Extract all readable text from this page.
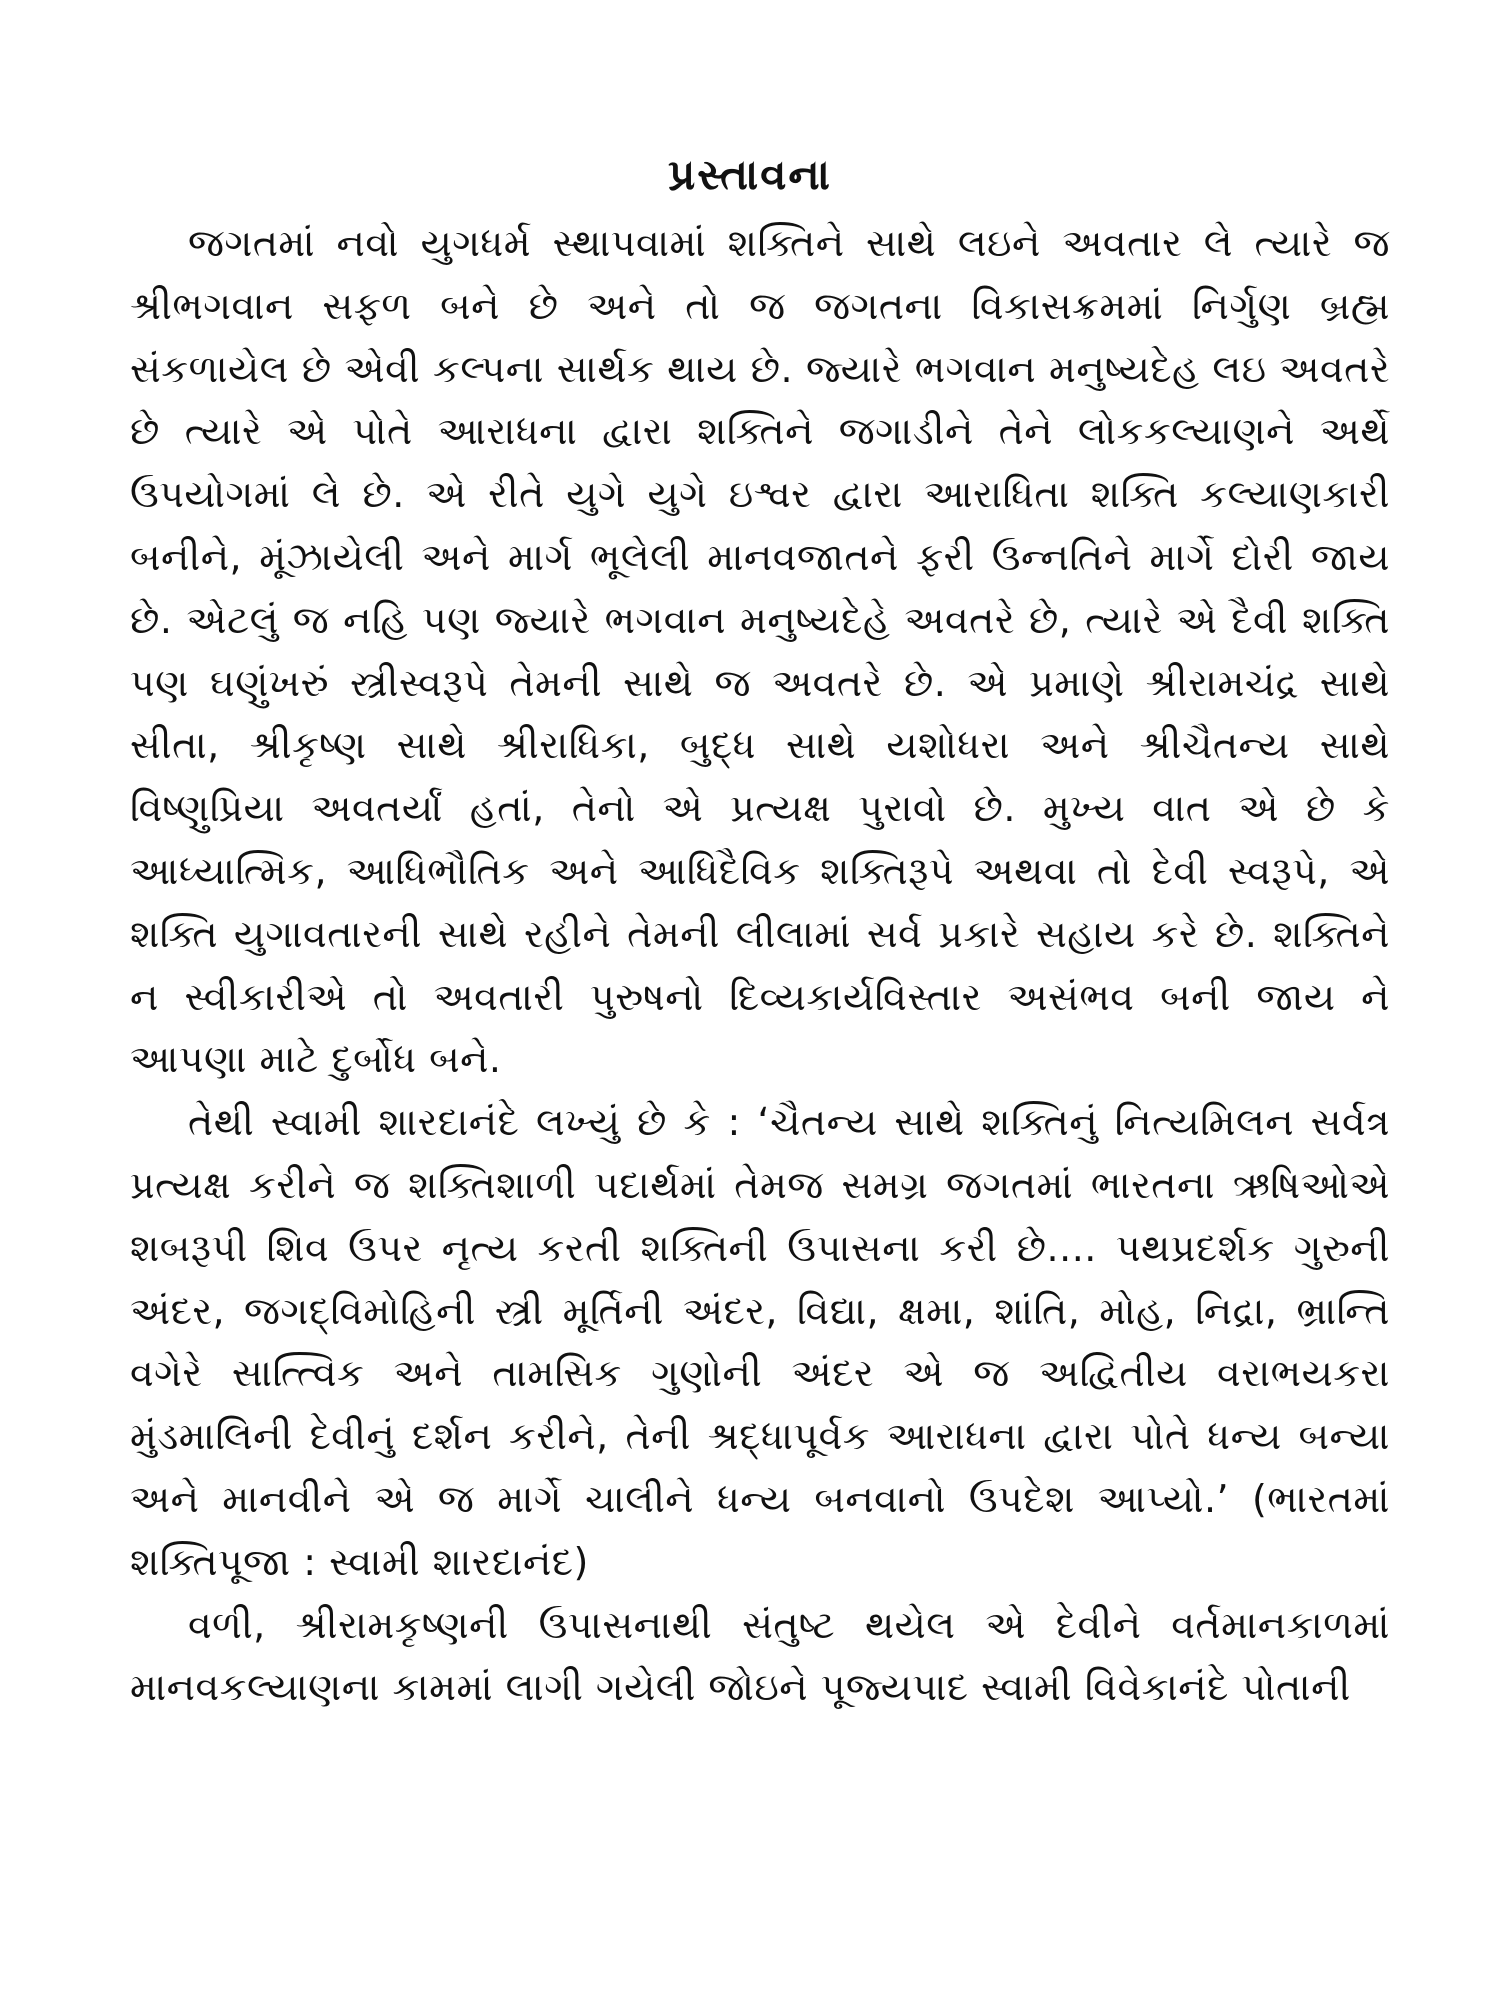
પ્રસ્તાવના

જગતમાં નવો યુગધર્મ સ્થાપવામાં શક્તિને સાથે લઇને અવતાર લે ત્યારે જ શ્રીભગવાન સફળ બને છે અને તો જ જગતના વિકાસક્રમમાં નિર્ગુણ બ્રહ્મ સંકળાયેલ છે એવી કલ્પના સાર્થક થાય છે. જ્યારે ભગવાન મનુષ્યદેહ લઇ અવતરે છે ત્યારે એ પોતે આરાધના દ્વારા શક્તિને જગાડીને તેને લોકકલ્યાણને અર્થે ઉપયોગમાં લે છે. એ રીતે યુગે યુગે ઇશ્વર દ્વારા આરાધિતા શક્તિ કલ્યાણકારી બનીને, મૂંઝાયેલી અને માર્ગ ભૂલેલી માનવજાતને ફરી ઉન્નતિને માર્ગે દોરી જાય છે. એટલું જ નહિ પણ જ્યારે ભગવાન મનુષ્યદેહે અવતરે છે, ત્યારે એ દૈવી શક્તિ પણ ઘણુંખરું સ્ત્રીસ્વરૂપે તેમની સાથે જ અવતરે છે. એ પ્રમાણે શ્રીરામચંદ્ર સાથે સીતા, શ્રીકૃષ્ણ સાથે શ્રીરાધિકા, બુદ્ધ સાથે યશોધરા અને શ્રીચૈતન્ય સાથે વિષ્ણુપ્રિયા અવતર્યાં હતાં, તેનો એ પ્રત્યક્ષ પુરાવો છે. મુખ્ય વાત એ છે કે આધ્યાત્મિક, આધિભૌતિક અને આધિદૈવિક શક્તિરૂપે અથવા તો દેવી સ્વરૂપે, એ શક્તિ યુગાવતારની સાથે રહીને તેમની લીલામાં સર્વ પ્રકારે સહાય કરે છે. શક્તિને ન સ્વીકારીએ તો અવતારી પુરુષનો દિવ્યકાર્યવિસ્તાર અસંભવ બની જાય ને આપણા માટે દુર્બોધ બને.

તેથી સ્વામી શારદાનંદે લખ્યું છે કે : ‘ચૈતન્ય સાથે શક્તિનું નિત્યમિલન સર્વત્ર પ્રત્યક્ષ કરીને જ શક્તિશાળી પદાર્થમાં તેમજ સમગ્ર જગતમાં ભારતના ઋષિઓએ શબરૂપી શિવ ઉપર નૃત્ય કરતી શક્તિની ઉપાસના કરી છે.... પથપ્રદર્શક ગુરુની અંદર, જગદ્‌વિમોહિની સ્ત્રી મૂર્તિની અંદર, વિદ્યા, ક્ષમા, શાંતિ, મોહ, નિદ્રા, ભ્રાન્તિ વગેરે સાત્ત્વિક અને તામસિક ગુણોની અંદર એ જ અદ્વિતીય વરાભયકરા મુંડમાલિની દેવીનું દર્શન કરીને, તેની શ્રદ્ધાપૂર્વક આરાધના દ્વારા પોતે ધન્ય બન્યા અને માનવીને એ જ માર્ગે ચાલીને ધન્ય બનવાનો ઉપદેશ આપ્યો.’ (ભારતમાં શક્તિપૂજા : સ્વામી શારદાનંદ)

વળી, શ્રીરામકૃષ્ણની ઉપાસનાથી સંતુષ્ટ થયેલ એ દેવીને વર્તમાનકાળમાં માનવકલ્યાણના કામમાં લાગી ગયેલી જોઇને પૂજ્યપાદ સ્વામી વિવેકાનંદે પોતાની
